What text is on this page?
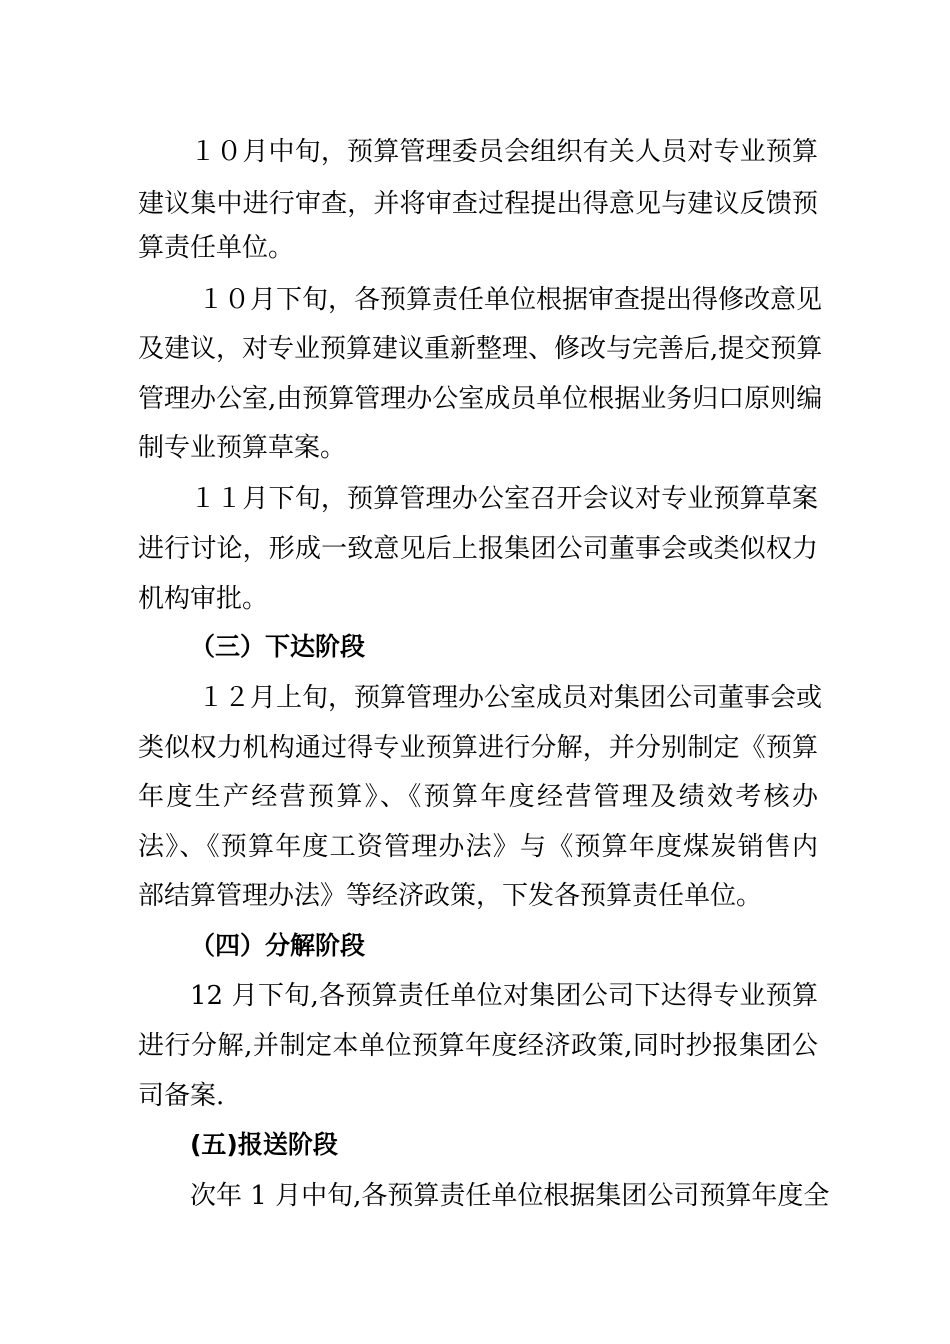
１０月中旬，预算管理委员会组织有关人员对专业预算
建议集中进行审查，并将审查过程提出得意见与建议反馈预
算责任单位。
１０月下旬，各预算责任单位根据审查提出得修改意见
及建议，对专业预算建议重新整理、修改与完善后,提交预算
管理办公室,由预算管理办公室成员单位根据业务归口原则编
制专业预算草案。
１１月下旬，预算管理办公室召开会议对专业预算草案
进行讨论，形成一致意见后上报集团公司董事会或类似权力
机构审批。
（三）下达阶段
１２月上旬，预算管理办公室成员对集团公司董事会或
类似权力机构通过得专业预算进行分解，并分别制定《预算
年度生产经营预算》、《预算年度经营管理及绩效考核办
法》、《预算年度工资管理办法》与《预算年度煤炭销售内
部结算管理办法》等经济政策，下发各预算责任单位。
（四）分解阶段
12 月下旬,各预算责任单位对集团公司下达得专业预算
进行分解,并制定本单位预算年度经济政策,同时抄报集团公
司备案.
(五)报送阶段
次年 1 月中旬,各预算责任单位根据集团公司预算年度全
